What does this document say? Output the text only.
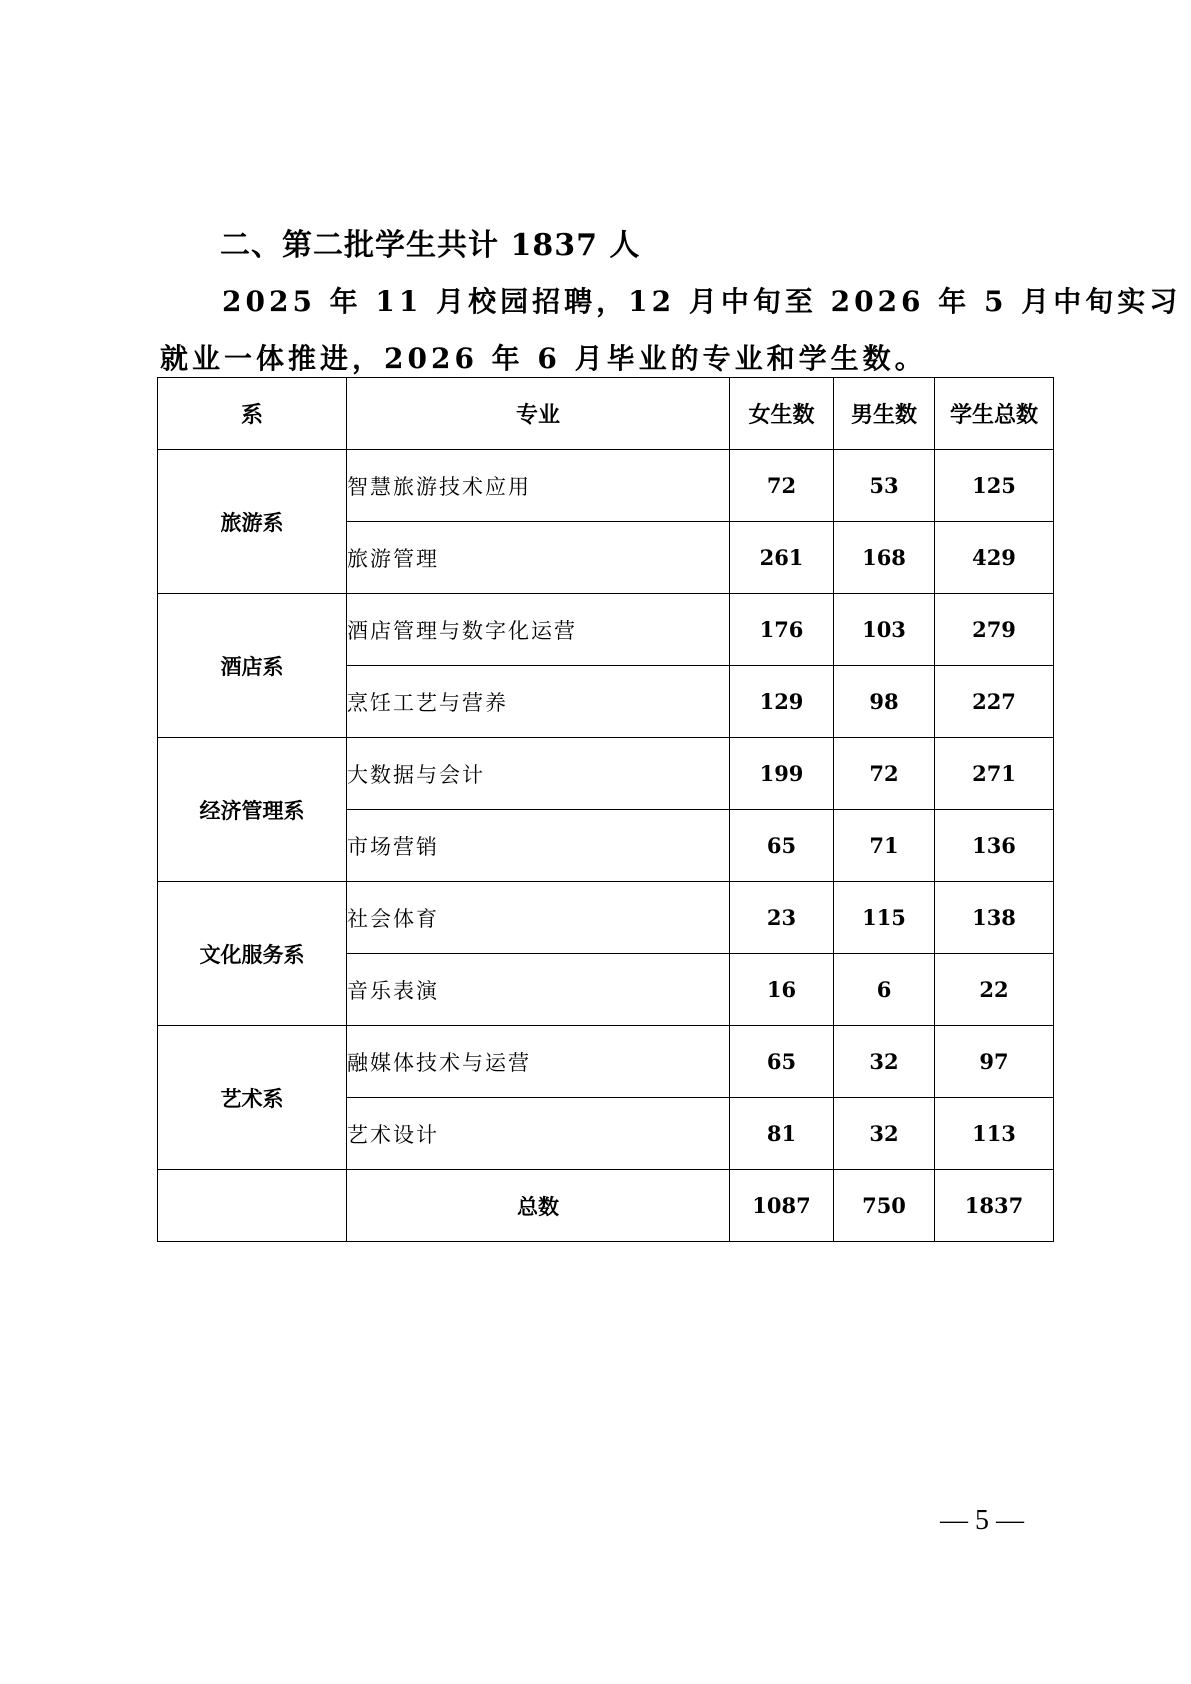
二、第二批学生共计 1837 人
2025 年 11 月校园招聘，12 月中旬至 2026 年 5 月中旬实习
就业一体推进，2026 年 6 月毕业的专业和学生数。
系	专业	女生数	男生数	学生总数
旅游系	智慧旅游技术应用	72	53	125
	旅游管理	261	168	429
酒店系	酒店管理与数字化运营	176	103	279
	烹饪工艺与营养	129	98	227
经济管理系	大数据与会计	199	72	271
	市场营销	65	71	136
文化服务系	社会体育	23	115	138
	音乐表演	16	6	22
艺术系	融媒体技术与运营	65	32	97
	艺术设计	81	32	113
	总数	1087	750	1837
— 5 —
